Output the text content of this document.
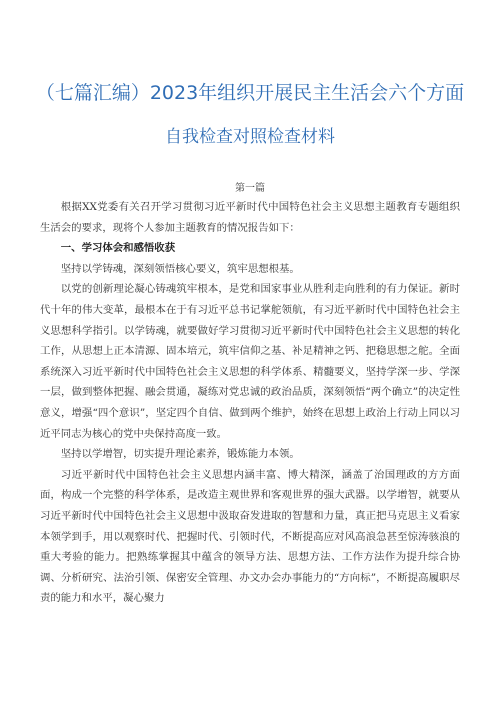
（七篇汇编）2023年组织开展民主生活会六个方面
自我检查对照检查材料
第一篇

根据XX党委有关召开学习贯彻习近平新时代中国特色社会主义思想主题教育专题组织生活会的要求，现将个人参加主题教育的情况报告如下：

一、学习体会和感悟收获

坚持以学铸魂，深刻领悟核心要义，筑牢思想根基。

以党的创新理论凝心铸魂筑牢根本，是党和国家事业从胜利走向胜利的有力保证。新时代十年的伟大变革，最根本在于有习近平总书记掌舵领航，有习近平新时代中国特色社会主义思想科学指引。以学铸魂，就要做好学习贯彻习近平新时代中国特色社会主义思想的转化工作，从思想上正本清源、固本培元，筑牢信仰之基、补足精神之钙、把稳思想之舵。全面系统深入习近平新时代中国特色社会主义思想的科学体系、精髓要义，坚持学深一步、学深一层，做到整体把握、融会贯通，凝练对党忠诚的政治品质，深刻领悟“两个确立”的决定性意义，增强“四个意识”，坚定四个自信、做到两个维护，始终在思想上政治上行动上同以习近平同志为核心的党中央保持高度一致。

坚持以学增智，切实提升理论素养，锻炼能力本领。

习近平新时代中国特色社会主义思想内涵丰富、博大精深，涵盖了治国理政的方方面面，构成一个完整的科学体系，是改造主观世界和客观世界的强大武器。以学增智，就要从习近平新时代中国特色社会主义思想中汲取奋发进取的智慧和力量，真正把马克思主义看家本领学到手，用以观察时代、把握时代、引领时代，不断提高应对风高浪急甚至惊涛骇浪的重大考验的能力。把熟练掌握其中蕴含的领导方法、思想方法、工作方法作为提升综合协调、分析研究、法治引领、保密安全管理、办文办会办事能力的“方向标”，不断提高履职尽责的能力和水平，凝心聚力
